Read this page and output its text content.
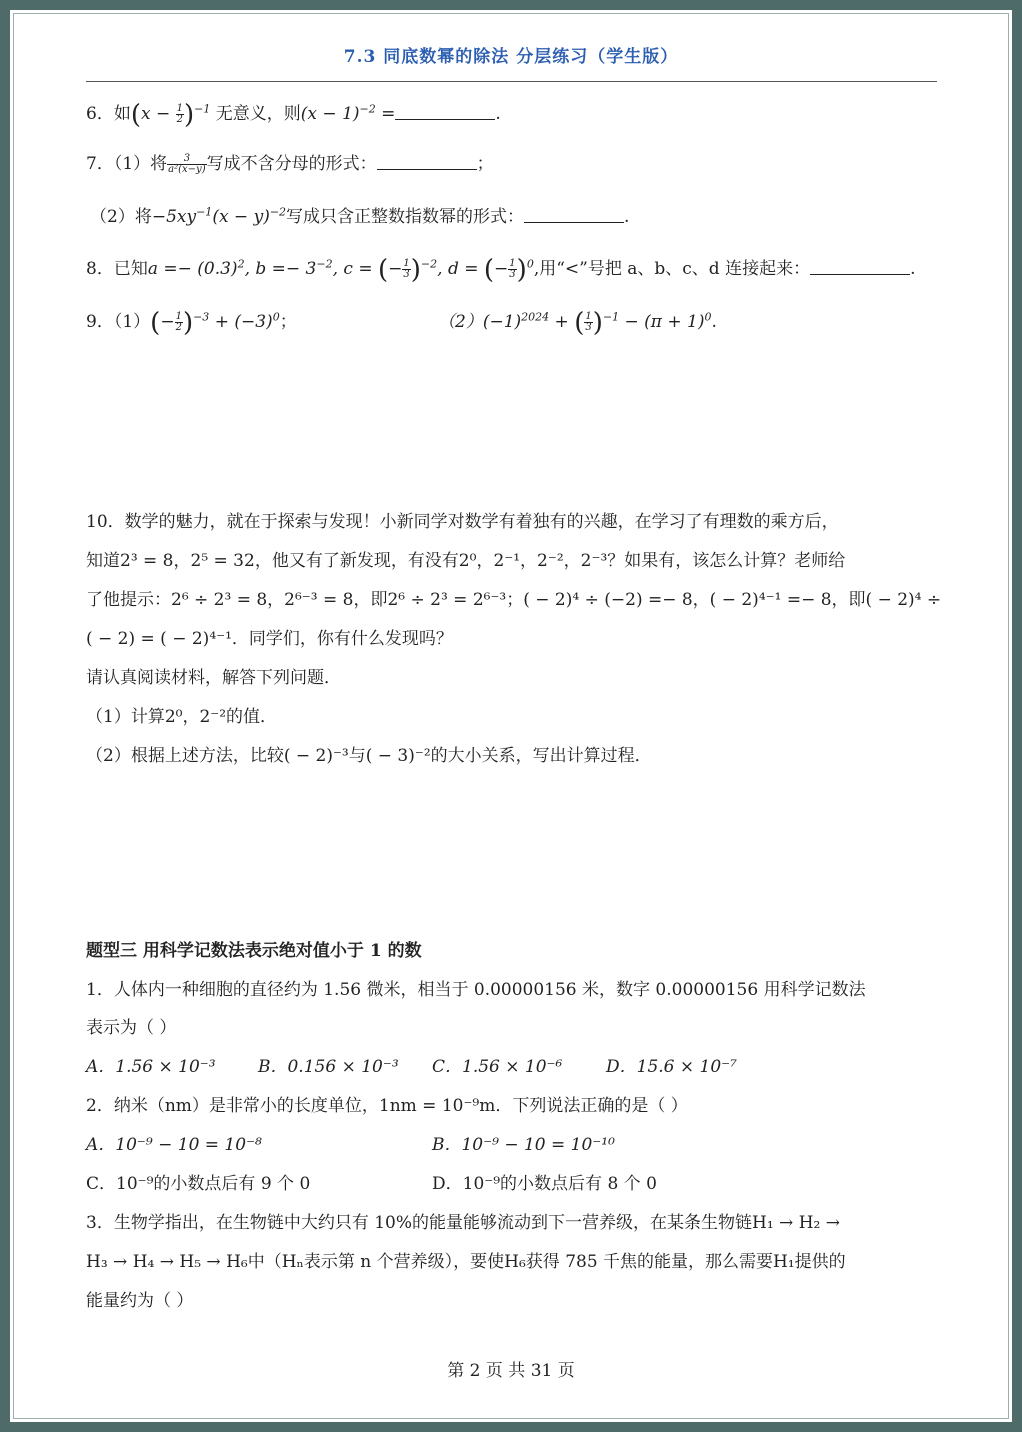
7.3 同底数幂的除法 分层练习（学生版）
6．如$(x - \frac{1}{2} )^{-1}$ 无意义，则$(x - 1)^{-2}$ =	.
7．（1）将 $\frac{3}{\text{a²(x−y)}}$ 写成不含分母的形式：	；
（2）将$-5xy^{-1}(x - y)^{-2}$写成只含正整数指数幂的形式：	.
8．已知$a =- (0.3)^2$, $b =- 3^{-2}$, c = (− $\frac{1}{3} )^{-2}$, d = (− $\frac{1}{3} )^0$,用“<”号把 a、b、c、d 连接起来：	.
9．$(1)(- \frac{1}{2} )^{-3} + (-3)^0$；	$(2)(-1)^{2024}$ + ( $\frac{1}{3} )^{-1} - (\pi + 1)^0$.
10．数学的魅力，就在于探索与发现！小新同学对数学有着独有的兴趣，在学习了有理数的乘方后，
知道2³ = 8，2⁵ = 32，他又有了新发现，有没有2⁰，2⁻¹，2⁻²，2⁻³？如果有，该怎么计算？老师给
了他提示：2⁶ ÷ 2³ = 8，2⁶⁻³ = 8，即2⁶ ÷ 2³ = 2⁶⁻³；( − 2)⁴ ÷ (−2) =− 8，( − 2)⁴⁻¹ =− 8，即( − 2)⁴ ÷
( − 2) = ( − 2)⁴⁻¹．同学们，你有什么发现吗？
请认真阅读材料，解答下列问题．
（1）计算2⁰，2⁻²的值．
（2）根据上述方法，比较( − 2)⁻³与( − 3)⁻²的大小关系，写出计算过程．
题型三 用科学记数法表示绝对值小于 1 的数
1．人体内一种细胞的直径约为 1.56 微米，相当于 0.00000156 米，数字 0.00000156 用科学记数法
表示为（ ）
A．1.56 × 10⁻³ B．0.156 × 10⁻³ C．1.56 × 10⁻⁶	D．15.6 × 10⁻⁷
2．纳米（nm）是非常小的长度单位，1nm = 10⁻⁹m．下列说法正确的是（ ）
A．10⁻⁹ − 10 = 10⁻⁸	B．10⁻⁹ − 10 = 10⁻¹⁰
C．10⁻⁹的小数点后有 9 个 0	D．10⁻⁹的小数点后有 8 个 0
3．生物学指出，在生物链中大约只有 10%的能量能够流动到下一营养级，在某条生物链H₁ → H₂ →
H₃ → H₄ → H₅ → H₆中（Hₙ表示第 n 个营养级），要使H₆获得 785 千焦的能量，那么需要H₁提供的
能量约为（ ）
第 2 页 共 31 页
